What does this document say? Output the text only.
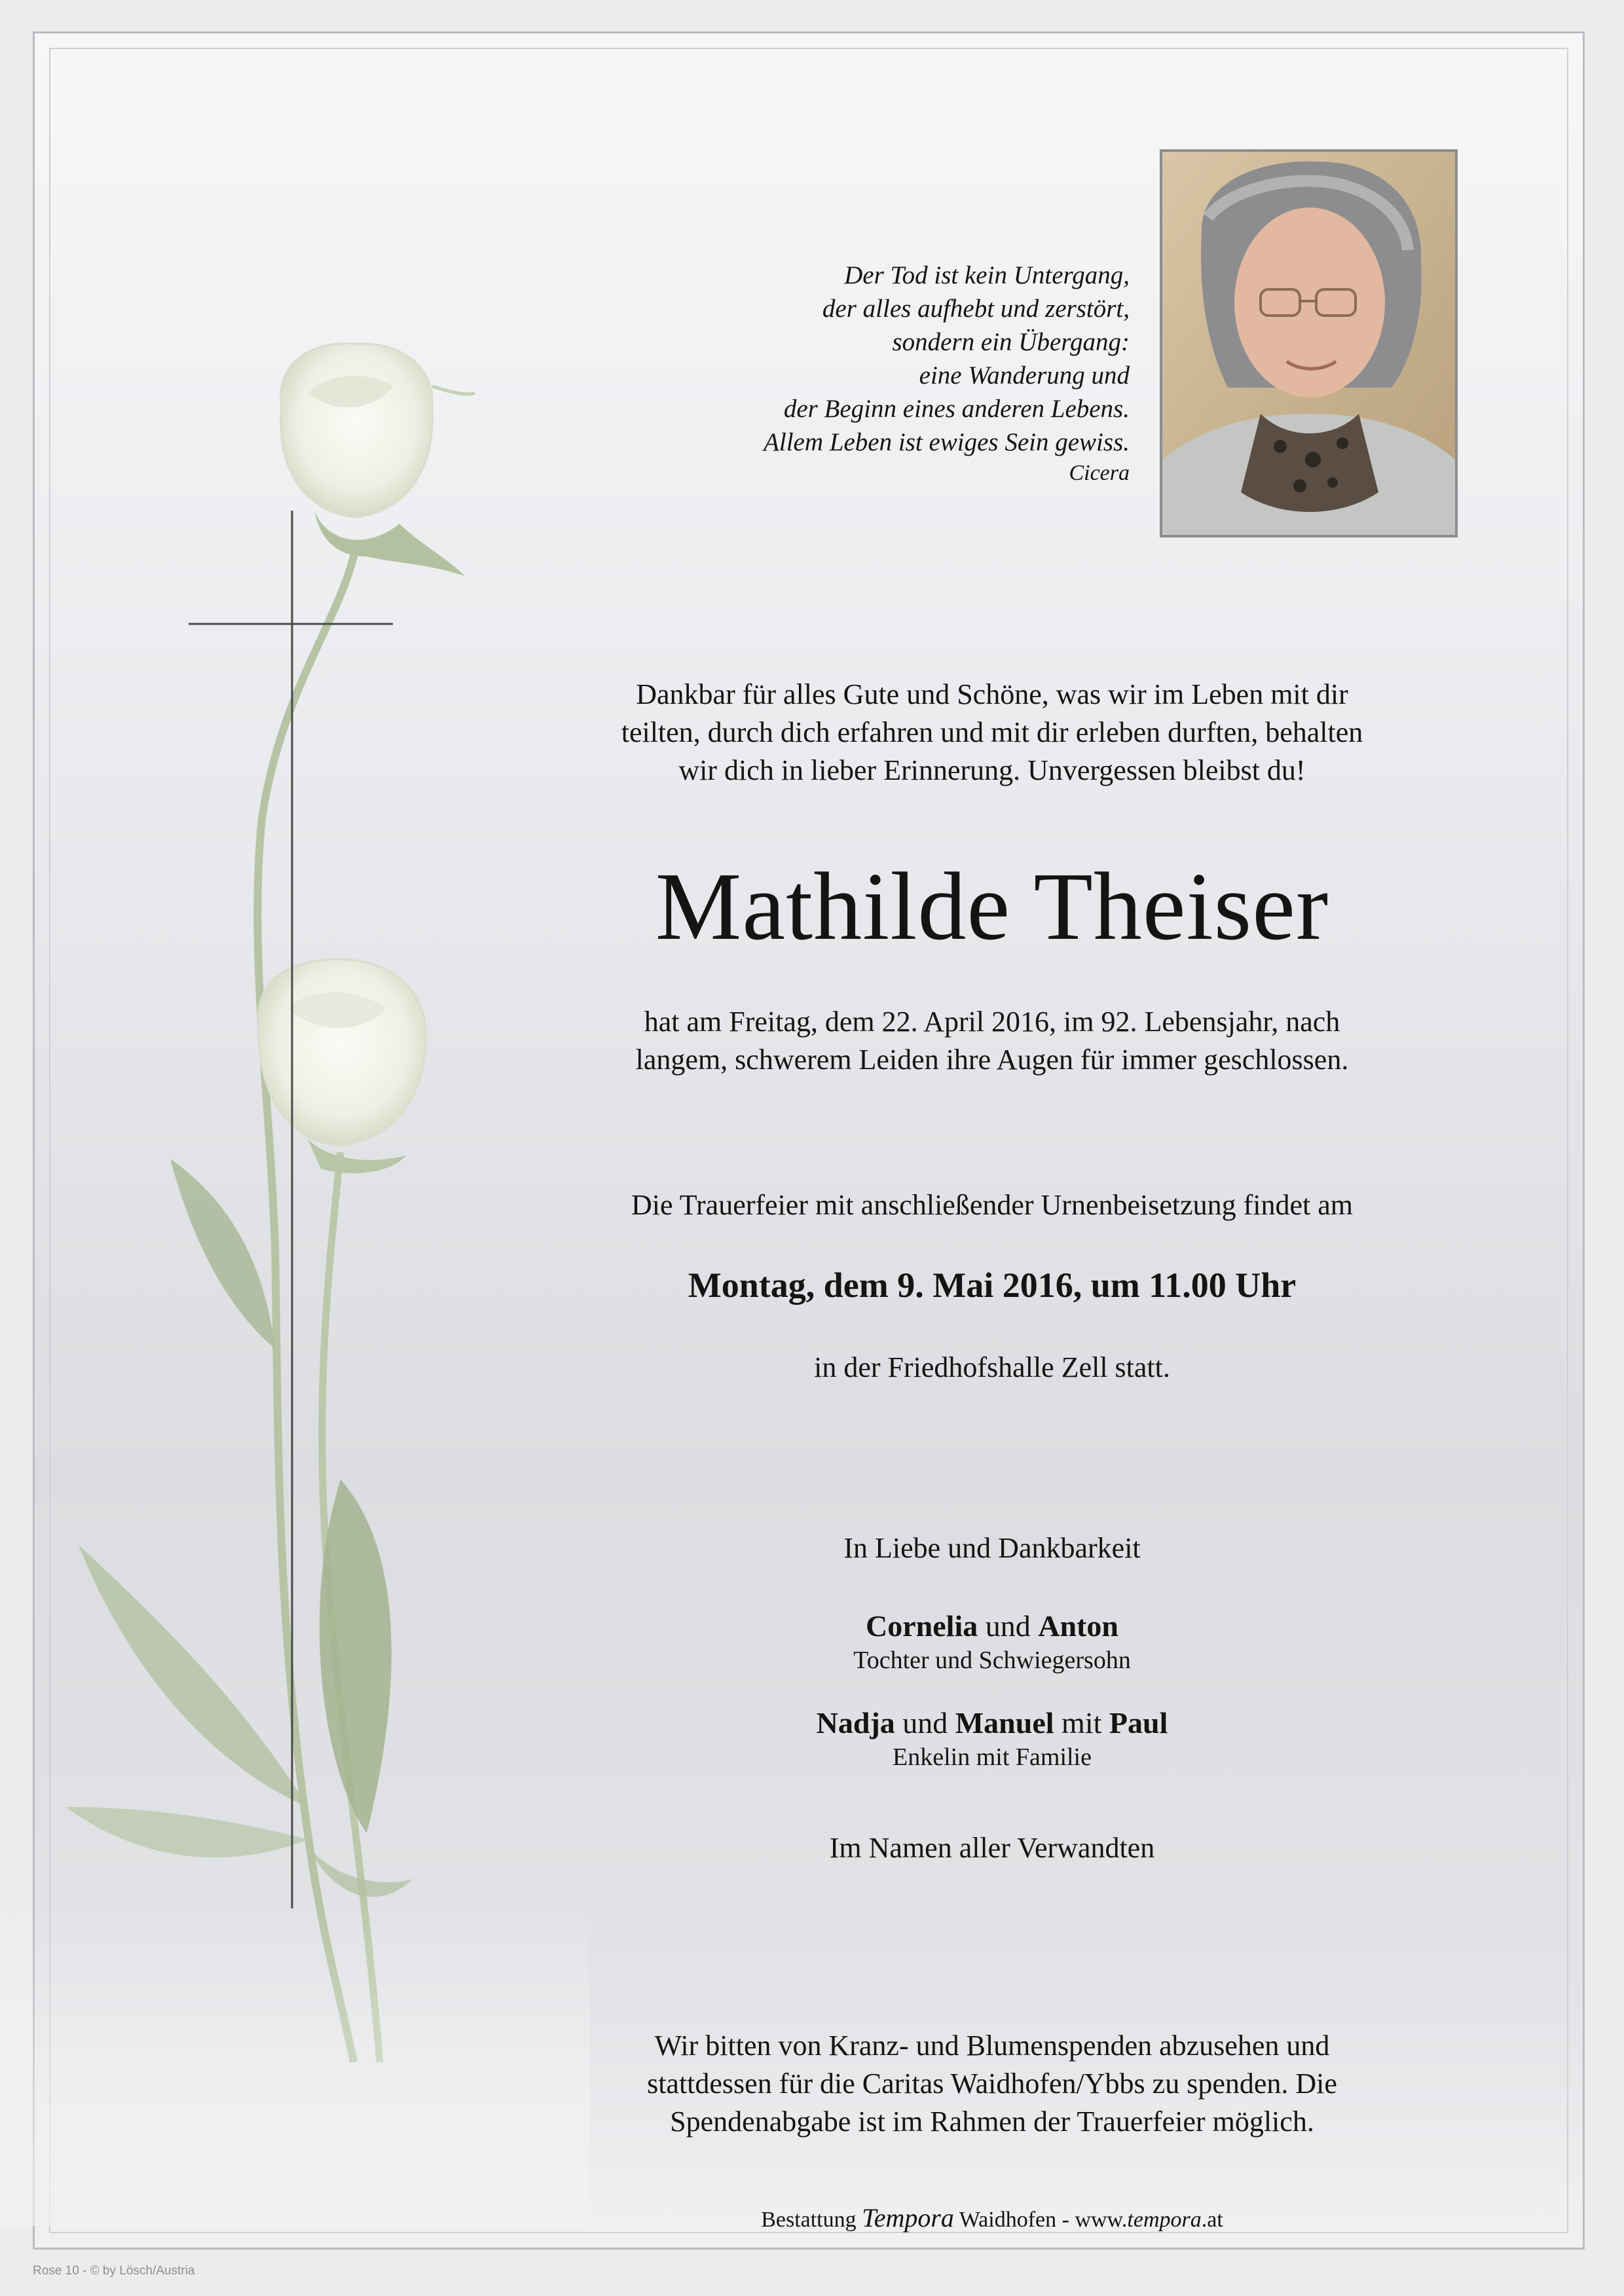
Der Tod ist kein Untergang,
der alles aufhebt und zerstört,
sondern ein Übergang:
eine Wanderung und
der Beginn eines anderen Lebens.
Allem Leben ist ewiges Sein gewiss.
Cicera
Dankbar für alles Gute und Schöne, was wir im Leben mit dir
teilten, durch dich erfahren und mit dir erleben durften, behalten
wir dich in lieber Erinnerung. Unvergessen bleibst du!
Mathilde Theiser
hat am Freitag, dem 22. April 2016, im 92. Lebensjahr, nach
langem, schwerem Leiden ihre Augen für immer geschlossen.
Die Trauerfeier mit anschließender Urnenbeisetzung findet am
Montag, dem 9. Mai 2016, um 11.00 Uhr
in der Friedhofshalle Zell statt.
In Liebe und Dankbarkeit
Cornelia und Anton
Tochter und Schwiegersohn
Nadja und Manuel mit Paul
Enkelin mit Familie
Im Namen aller Verwandten
Wir bitten von Kranz- und Blumenspenden abzusehen und
stattdessen für die Caritas Waidhofen/Ybbs zu spenden. Die
Spendenabgabe ist im Rahmen der Trauerfeier möglich.
Bestattung Tempora Waidhofen - www.tempora.at
Rose 10 - © by Lösch/Austria
